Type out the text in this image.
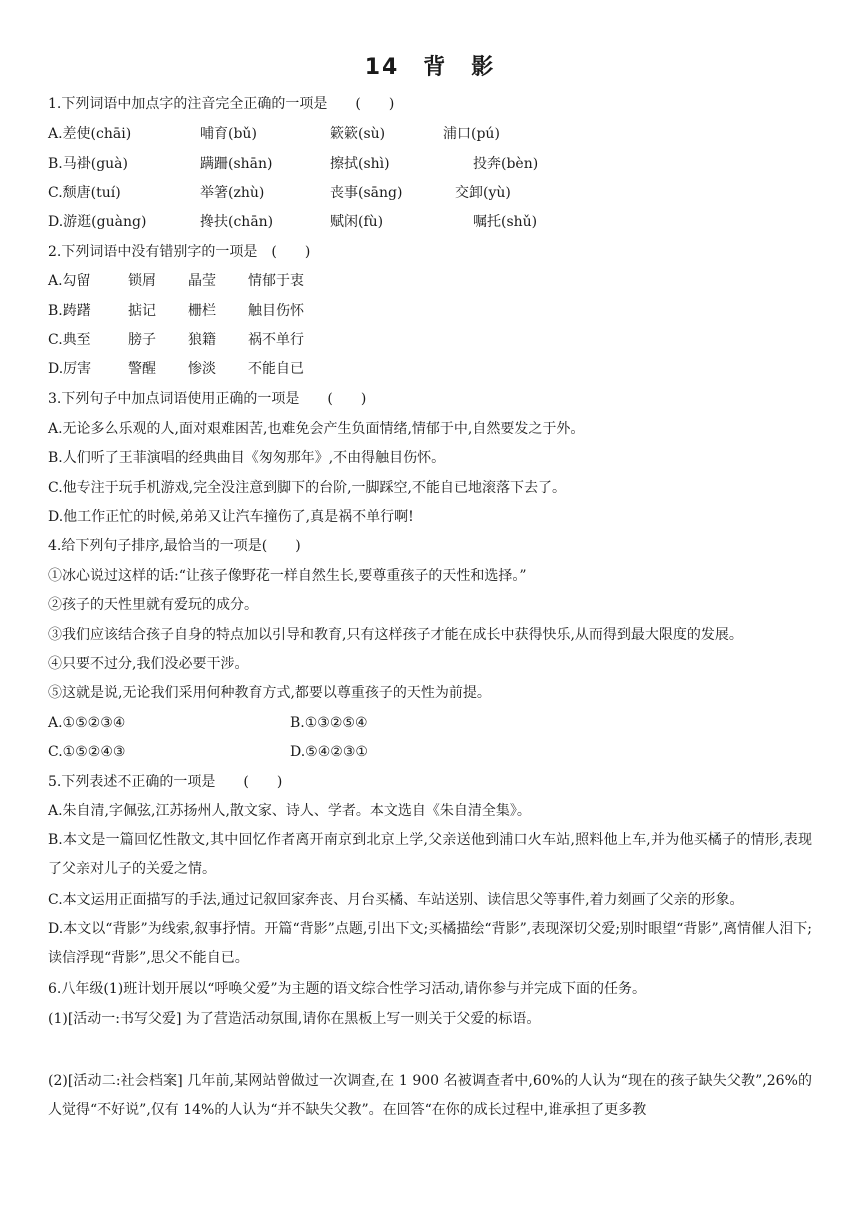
14　背　影
1.下列词语中加点字的注音完全正确的一项是　　(　　)
A.差使(chāi)	哺育(bǔ)	簌簌(sù)	浦口(pú)
B.马褂(guà)	蹒跚(shān)	擦拭(shì)	投奔(bèn)
C.颓唐(tuí)	举箸(zhù)	丧事(sāng)	交卸(yù)
D.游逛(guàng)	搀扶(chān)	赋闲(fù)	嘱托(shǔ)
2.下列词语中没有错别字的一项是　(　　)
A.勾留	锁屑	晶莹	情郁于衷
B.踌躇	掂记	栅栏	触目伤怀
C.典至	膀子	狼籍	祸不单行
D.厉害	警醒	惨淡	不能自已
3.下列句子中加点词语使用正确的一项是　　(　　)
A.无论多么乐观的人,面对艰难困苦,也难免会产生负面情绪,情郁于中,自然要发之于外。
B.人们听了王菲演唱的经典曲目《匆匆那年》,不由得触目伤怀。
C.他专注于玩手机游戏,完全没注意到脚下的台阶,一脚踩空,不能自已地滚落下去了。
D.他工作正忙的时候,弟弟又让汽车撞伤了,真是祸不单行啊!
4.给下列句子排序,最恰当的一项是(　　)
①冰心说过这样的话:“让孩子像野花一样自然生长,要尊重孩子的天性和选择。”
②孩子的天性里就有爱玩的成分。
③我们应该结合孩子自身的特点加以引导和教育,只有这样孩子才能在成长中获得快乐,从而得到最大限度的发展。
④只要不过分,我们没必要干涉。
⑤这就是说,无论我们采用何种教育方式,都要以尊重孩子的天性为前提。
A.①⑤②③④	B.①③②⑤④
C.①⑤②④③	D.⑤④②③①
5.下列表述不正确的一项是　　(　　)
A.朱自清,字佩弦,江苏扬州人,散文家、诗人、学者。本文选自《朱自清全集》。
B.本文是一篇回忆性散文,其中回忆作者离开南京到北京上学,父亲送他到浦口火车站,照料他上车,并为他买橘子的情形,表现了父亲对儿子的关爱之情。
C.本文运用正面描写的手法,通过记叙回家奔丧、月台买橘、车站送别、读信思父等事件,着力刻画了父亲的形象。
D.本文以“背影”为线索,叙事抒情。开篇“背影”点题,引出下文;买橘描绘“背影”,表现深切父爱;别时眼望“背影”,离情催人泪下;读信浮现“背影”,思父不能自已。
6.八年级(1)班计划开展以“呼唤父爱”为主题的语文综合性学习活动,请你参与并完成下面的任务。
(1)[活动一:书写父爱] 为了营造活动氛围,请你在黑板上写一则关于父爱的标语。
(2)[活动二:社会档案] 几年前,某网站曾做过一次调查,在 1 900 名被调查者中,60%的人认为“现在的孩子缺失父教”,26%的人觉得“不好说”,仅有 14%的人认为“并不缺失父教”。在回答“在你的成长过程中,谁承担了更多教
